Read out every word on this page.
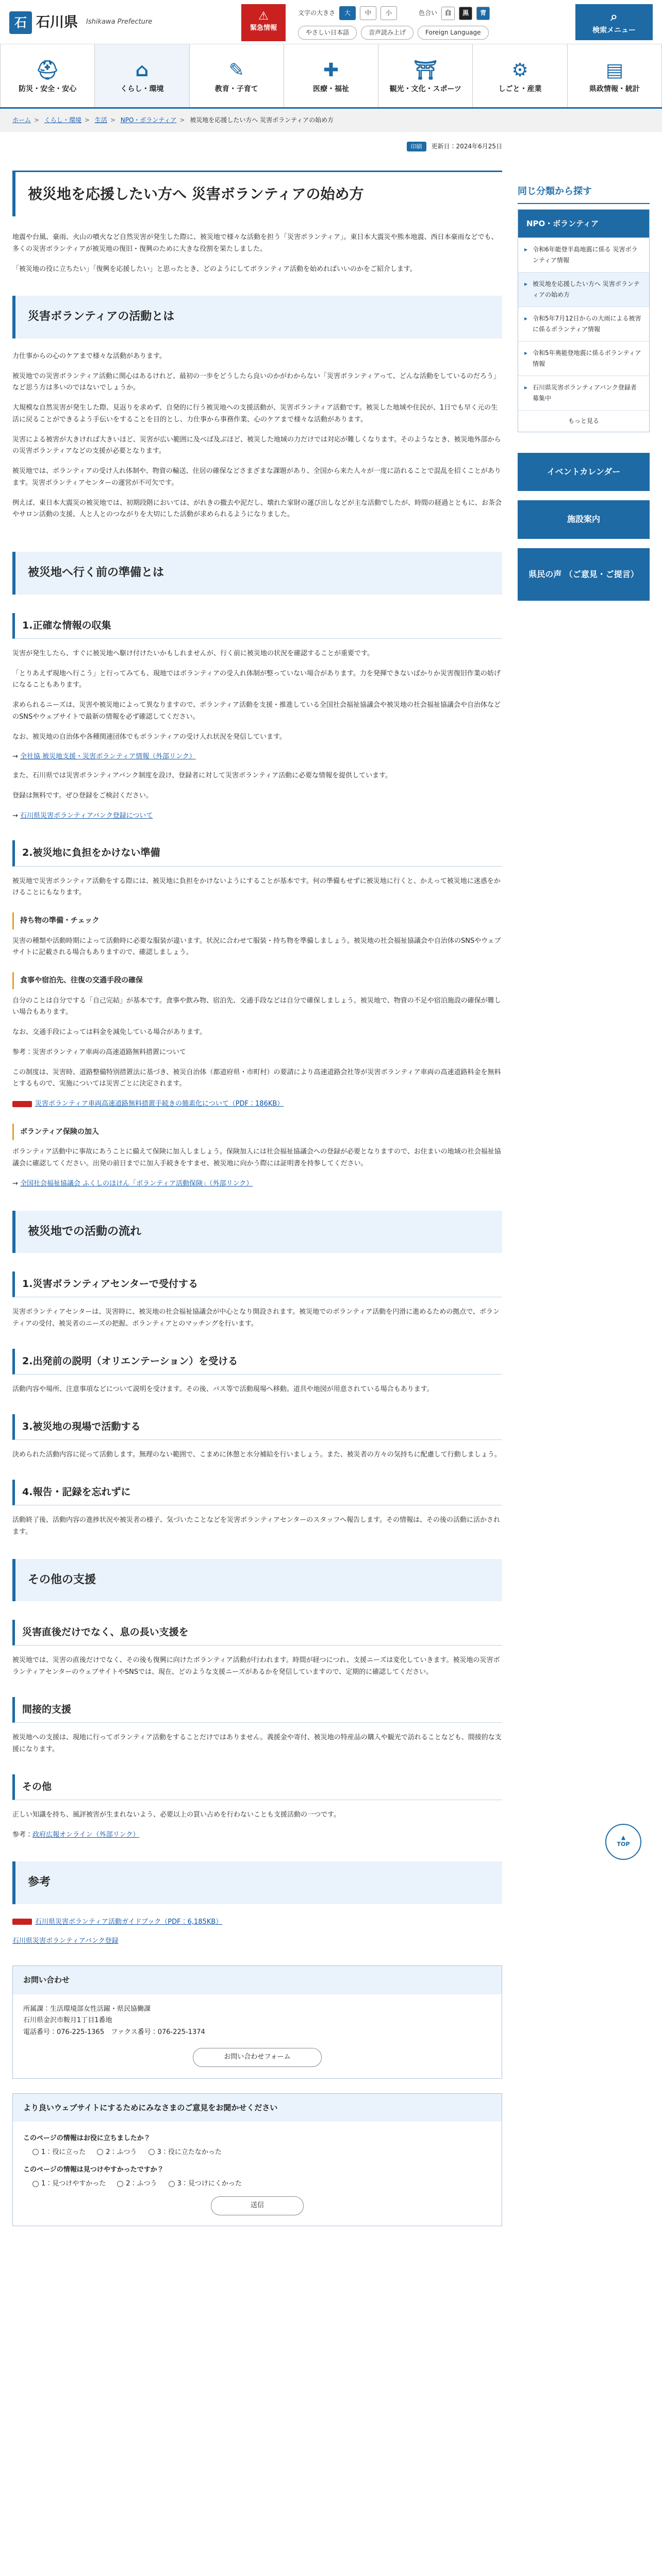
石 石川県 Ishikawa Prefecture	⚠
緊急情報
文字の大きさ	大	中	小	色合い	白	黒	青
やさしい日本語	音声読み上げ	Foreign Language
⌕
検索メニュー
⛑
防災・安全・安心
⌂
くらし・環境
✎
教育・子育て
✚
医療・福祉
⛩
観光・文化・スポーツ
⚙
しごと・産業
▤
県政情報・統計
ホーム > くらし・環境 > 生活 > NPO・ボランティア > 被災地を応援したい方へ 災害ボランティアの始め方
印刷	更新日：2024年6月25日
被災地を応援したい方へ 災害ボランティアの始め方

地震や台風、豪雨、火山の噴火など自然災害が発生した際に、被災地で様々な活動を担う「災害ボランティア」。東日本大震災や熊本地震、西日本豪雨などでも、多くの災害ボランティアが被災地の復旧・復興のために大きな役割を果たしました。

「被災地の役に立ちたい」「復興を応援したい」と思ったとき、どのようにしてボランティア活動を始めればいいのかをご紹介します。

災害ボランティアの活動とは

力仕事からの心のケアまで様々な活動があります。

被災地での災害ボランティア活動に関心はあるけれど、最初の一歩をどうしたら良いのかがわからない「災害ボランティアって、どんな活動をしているのだろう」など思う方は多いのではないでしょうか。

大規模な自然災害が発生した際、見返りを求めず、自発的に行う被災地への支援活動が、災害ボランティア活動です。被災した地域や住民が、1日でも早く元の生活に戻ることができるよう手伝いをすることを目的とし、力仕事から事務作業、心のケアまで様々な活動があります。

災害による被害が大きければ大きいほど、災害が広い範囲に及べば及ぶほど、被災した地域の力だけでは対応が難しくなります。そのようなとき、被災地外部からの災害ボランティアなどの支援が必要となります。

被災地では、ボランティアの受け入れ体制や、物資の輸送、住居の確保などさまざまな課題があり、全国から来た人々が一度に訪れることで混乱を招くことがあります。災害ボランティアセンターの運営が不可欠です。

例えば、東日本大震災の被災地では、初期段階においては、がれきの撤去や泥だし、壊れた家財の運び出しなどが主な活動でしたが、時間の経過とともに、お茶会やサロン活動の支援、人と人とのつながりを大切にした活動が求められるようになりました。

被災地へ行く前の準備とは
1.正確な情報の収集

災害が発生したら、すぐに被災地へ駆け付けたいかもしれませんが、行く前に被災地の状況を確認することが重要です。

「とりあえず現地へ行こう」と行ってみても、現地ではボランティアの受入れ体制が整っていない場合があります。力を発揮できないばかりか災害復旧作業の妨げになることもあります。

求められるニーズは、災害や被災地によって異なりますので、ボランティア活動を支援・推進している全国社会福祉協議会や被災地の社会福祉協議会や自治体などのSNSやウェブサイトで最新の情報を必ず確認してください。

なお、被災地の自治体や各種関連団体でもボランティアの受け入れ状況を発信しています。

→ 全社協 被災地支援・災害ボランティア情報（外部リンク）

また、石川県では災害ボランティアバンク制度を設け、登録者に対して災害ボランティア活動に必要な情報を提供しています。

登録は無料です。ぜひ登録をご検討ください。

→ 石川県災害ボランティアバンク登録について
2.被災地に負担をかけない準備

被災地で災害ボランティア活動をする際には、被災地に負担をかけないようにすることが基本です。何の準備もせずに被災地に行くと、かえって被災地に迷惑をかけることにもなります。

持ち物の準備・チェック

災害の種類や活動時期によって活動時に必要な服装が違います。状況に合わせて服装・持ち物を準備しましょう。被災地の社会福祉協議会や自治体のSNSやウェブサイトに記載される場合もありますので、確認しましょう。

食事や宿泊先、往復の交通手段の確保

自分のことは自分でする「自己完結」が基本です。食事や飲み物、宿泊先、交通手段などは自分で確保しましょう。被災地で、物資の不足や宿泊施設の確保が難しい場合もあります。

なお、交通手段によっては料金を減免している場合があります。

参考：災害ボランティア車両の高速道路無料措置について

この制度は、災害時、道路整備特別措置法に基づき、被災自治体（都道府県・市町村）の要請により高速道路会社等が災害ボランティア車両の高速道路料金を無料とするもので、実施については災害ごとに決定されます。

災害ボランティア車両高速道路無料措置手続きの簡素化について（PDF：186KB）
ボランティア保険の加入

ボランティア活動中に事故にあうことに備えて保険に加入しましょう。保険加入には社会福祉協議会への登録が必要となりますので、お住まいの地域の社会福祉協議会に確認してください。出発の前日までに加入手続きをすませ、被災地に向かう際には証明書を持参してください。

→ 全国社会福祉協議会 ふくしのほけん「ボランティア活動保険」（外部リンク）
被災地での活動の流れ
1.災害ボランティアセンターで受付する

災害ボランティアセンターは、災害時に、被災地の社会福祉協議会が中心となり開設されます。被災地でのボランティア活動を円滑に進めるための拠点で、ボランティアの受付、被災者のニーズの把握、ボランティアとのマッチングを行います。

2.出発前の説明（オリエンテーション）を受ける

活動内容や場所、注意事項などについて説明を受けます。その後、バス等で活動現場へ移動。道具や地図が用意されている場合もあります。

3.被災地の現場で活動する

決められた活動内容に従って活動します。無理のない範囲で、こまめに休憩と水分補給を行いましょう。また、被災者の方々の気持ちに配慮して行動しましょう。

4.報告・記録を忘れずに

活動終了後、活動内容の進捗状況や被災者の様子、気づいたことなどを災害ボランティアセンターのスタッフへ報告します。その情報は、その後の活動に活かされます。

その他の支援
災害直後だけでなく、息の長い支援を

被災地では、災害の直後だけでなく、その後も復興に向けたボランティア活動が行われます。時間が経つにつれ、支援ニーズは変化していきます。被災地の災害ボランティアセンターのウェブサイトやSNSでは、現在、どのような支援ニーズがあるかを発信していますので、定期的に確認してください。

間接的支援

被災地への支援は、現地に行ってボランティア活動をすることだけではありません。義援金や寄付、被災地の特産品の購入や観光で訪れることなども、間接的な支援になります。

その他

正しい知識を持ち、風評被害が生まれないよう、必要以上の買い占めを行わないことも支援活動の一つです。

参考：政府広報オンライン（外部リンク）
参考
石川県災害ボランティア活動ガイドブック（PDF：6,185KB）
石川県災害ボランティアバンク登録
お問い合わせ
所属課：生活環境部女性活躍・県民協働課
石川県金沢市鞍月1丁目1番地
電話番号：076-225-1365　ファクス番号：076-225-1374
お問い合わせフォーム
より良いウェブサイトにするためにみなさまのご意見をお聞かせください
このページの情報はお役に立ちましたか？
1：役に立った	2：ふつう	3：役に立たなかった
このページの情報は見つけやすかったですか？
1：見つけやすかった	2：ふつう	3：見つけにくかった
送信
同じ分類から探す
NPO・ボランティア
▸ 令和6年能登半島地震に係る 災害ボランティア情報
▸ 被災地を応援したい方へ 災害ボランティアの始め方
▸ 令和5年7月12日からの大雨による被害に係るボランティア情報
▸ 令和5年奥能登地震に係るボランティア情報
▸ 石川県災害ボランティアバンク登録者募集中
もっと見る
イベントカレンダー
施設案内
県民の声 （ご意見・ご提言）
▲
TOP
